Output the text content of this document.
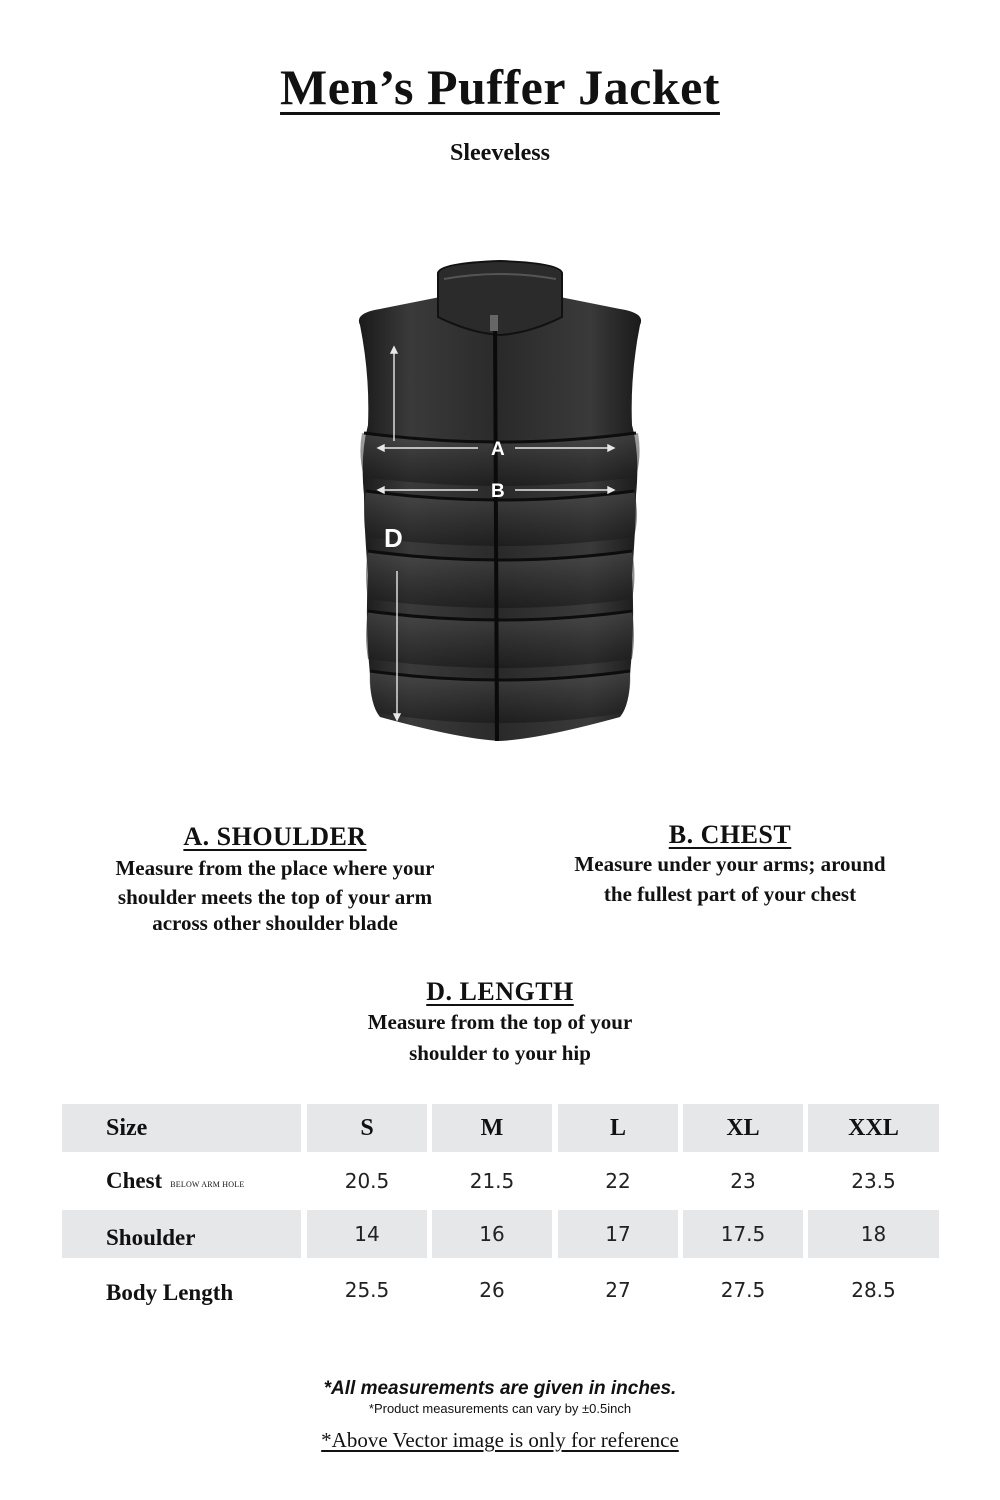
Men’s Puffer Jacket
Sleeveless
A
B
D
A. SHOULDER
Measure from the place where your
shoulder meets the top of your arm
across other shoulder blade
B. CHEST
Measure under your arms; around
the fullest part of your chest
D. LENGTH
Measure from the top of your
shoulder to your hip
Size	S	M	L	XL	XXL
Chest BELOW ARM HOLE	20.5	21.5	22	23	23.5
Shoulder	14	16	17	17.5	18
Body Length	25.5	26	27	27.5	28.5
*All measurements are given in inches.
*Product measurements can vary by ±0.5inch
*Above Vector image is only for reference
